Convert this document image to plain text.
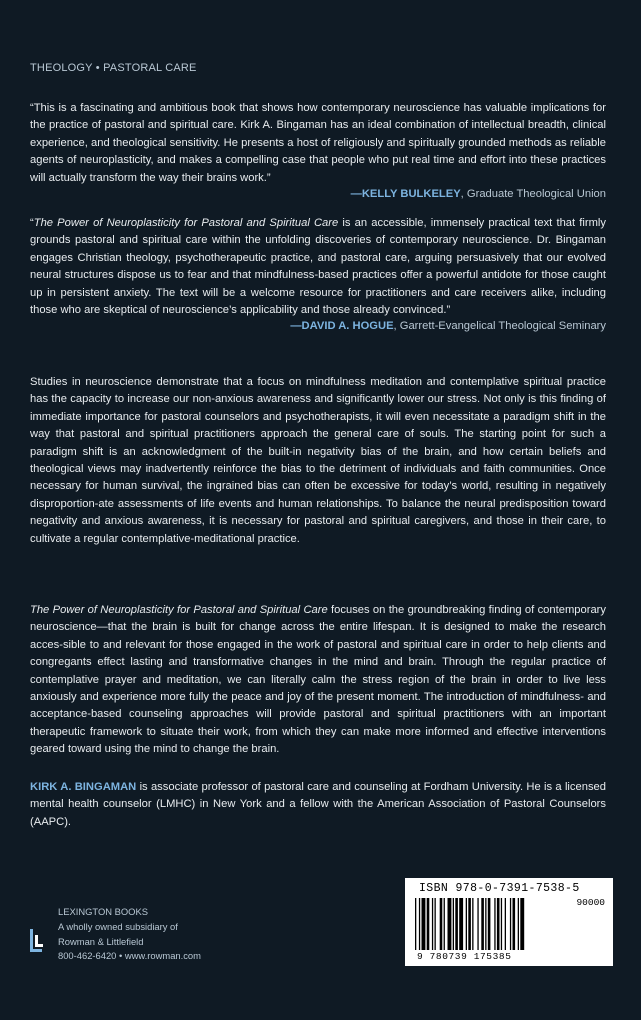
THEOLOGY • PASTORAL CARE
“This is a fascinating and ambitious book that shows how contemporary neuroscience has valuable implications for the practice of pastoral and spiritual care. Kirk A. Bingaman has an ideal combination of intellectual breadth, clinical experience, and theological sensitivity. He presents a host of religiously and spiritually grounded methods as reliable agents of neuroplasticity, and makes a compelling case that people who put real time and effort into these practices will actually transform the way their brains work.”
—KELLY BULKELEY, Graduate Theological Union
“The Power of Neuroplasticity for Pastoral and Spiritual Care is an accessible, immensely practical text that firmly grounds pastoral and spiritual care within the unfolding discoveries of contemporary neuroscience. Dr. Bingaman engages Christian theology, psychotherapeutic practice, and pastoral care, arguing persuasively that our evolved neural structures dispose us to fear and that mindfulness-based practices offer a powerful antidote for those caught up in persistent anxiety. The text will be a welcome resource for practitioners and care receivers alike, including those who are skeptical of neuroscience’s applicability and those already convinced.”
—DAVID A. HOGUE, Garrett-Evangelical Theological Seminary
Studies in neuroscience demonstrate that a focus on mindfulness meditation and contemplative spiritual practice has the capacity to increase our non-anxious awareness and significantly lower our stress. Not only is this finding of immediate importance for pastoral counselors and psychotherapists, it will even necessitate a paradigm shift in the way that pastoral and spiritual practitioners approach the general care of souls. The starting point for such a paradigm shift is an acknowledgment of the built-in negativity bias of the brain, and how certain beliefs and theological views may inadvertently reinforce the bias to the detriment of individuals and faith communities. Once necessary for human survival, the ingrained bias can often be excessive for today’s world, resulting in negatively disproportion-ate assessments of life events and human relationships. To balance the neural predisposition toward negativity and anxious awareness, it is necessary for pastoral and spiritual caregivers, and those in their care, to cultivate a regular contemplative-meditational practice.
The Power of Neuroplasticity for Pastoral and Spiritual Care focuses on the groundbreaking finding of contemporary neuroscience—that the brain is built for change across the entire lifespan. It is designed to make the research acces-sible to and relevant for those engaged in the work of pastoral and spiritual care in order to help clients and congregants effect lasting and transformative changes in the mind and brain. Through the regular practice of contemplative prayer and meditation, we can literally calm the stress region of the brain in order to live less anxiously and experience more fully the peace and joy of the present moment. The introduction of mindfulness- and acceptance-based counseling approaches will provide pastoral and spiritual practitioners with an important therapeutic framework to situate their work, from which they can make more informed and effective interventions geared toward using the mind to change the brain.
KIRK A. BINGAMAN is associate professor of pastoral care and counseling at Fordham University. He is a licensed mental health counselor (LMHC) in New York and a fellow with the American Association of Pastoral Counselors (AAPC).
LEXINGTON BOOKS
A wholly owned subsidiary of
Rowman & Littlefield
800-462-6420 • www.rowman.com
ISBN 978-0-7391-7538-5
90000
9 780739 175385
